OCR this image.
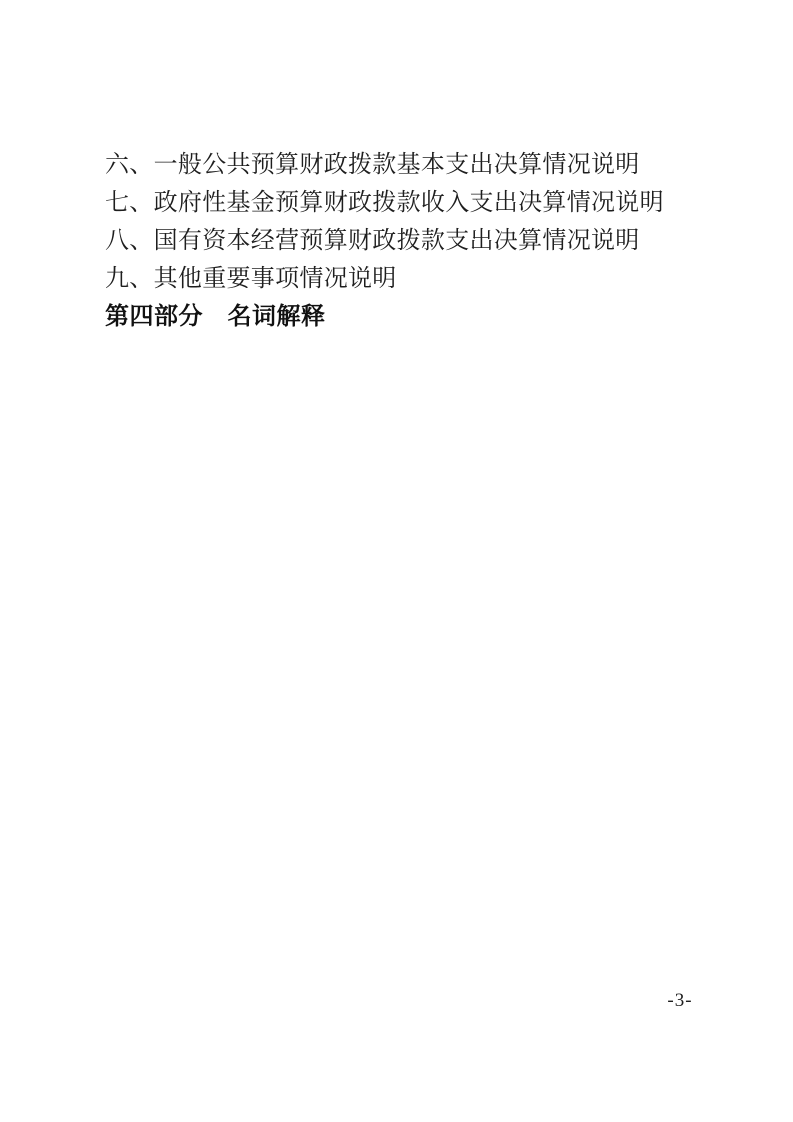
六、一般公共预算财政拨款基本支出决算情况说明
七、政府性基金预算财政拨款收入支出决算情况说明
八、国有资本经营预算财政拨款支出决算情况说明
九、其他重要事项情况说明
第四部分　名词解释
-3-
